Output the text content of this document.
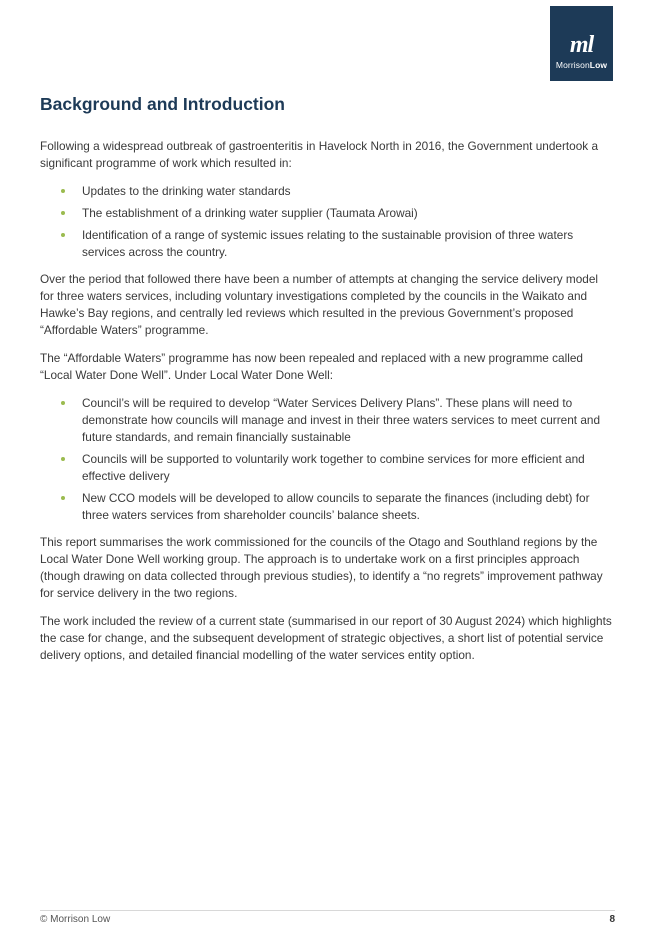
ml
MorrisonLow
Background and Introduction

Following a widespread outbreak of gastroenteritis in Havelock North in 2016, the Government undertook a significant programme of work which resulted in:

Updates to the drinking water standards
The establishment of a drinking water supplier (Taumata Arowai)
Identification of a range of systemic issues relating to the sustainable provision of three waters services across the country.

Over the period that followed there have been a number of attempts at changing the service delivery model for three waters services, including voluntary investigations completed by the councils in the Waikato and Hawke’s Bay regions, and centrally led reviews which resulted in the previous Government’s proposed “Affordable Waters” programme.

The “Affordable Waters” programme has now been repealed and replaced with a new programme called “Local Water Done Well”. Under Local Water Done Well:

Council’s will be required to develop “Water Services Delivery Plans”. These plans will need to demonstrate how councils will manage and invest in their three waters services to meet current and future standards, and remain financially sustainable
Councils will be supported to voluntarily work together to combine services for more efficient and effective delivery
New CCO models will be developed to allow councils to separate the finances (including debt) for three waters services from shareholder councils’ balance sheets.

This report summarises the work commissioned for the councils of the Otago and Southland regions by the Local Water Done Well working group. The approach is to undertake work on a first principles approach (though drawing on data collected through previous studies), to identify a “no regrets” improvement pathway for service delivery in the two regions.

The work included the review of a current state (summarised in our report of 30 August 2024) which highlights the case for change, and the subsequent development of strategic objectives, a short list of potential service delivery options, and detailed financial modelling of the water services entity option.

© Morrison Low	8
